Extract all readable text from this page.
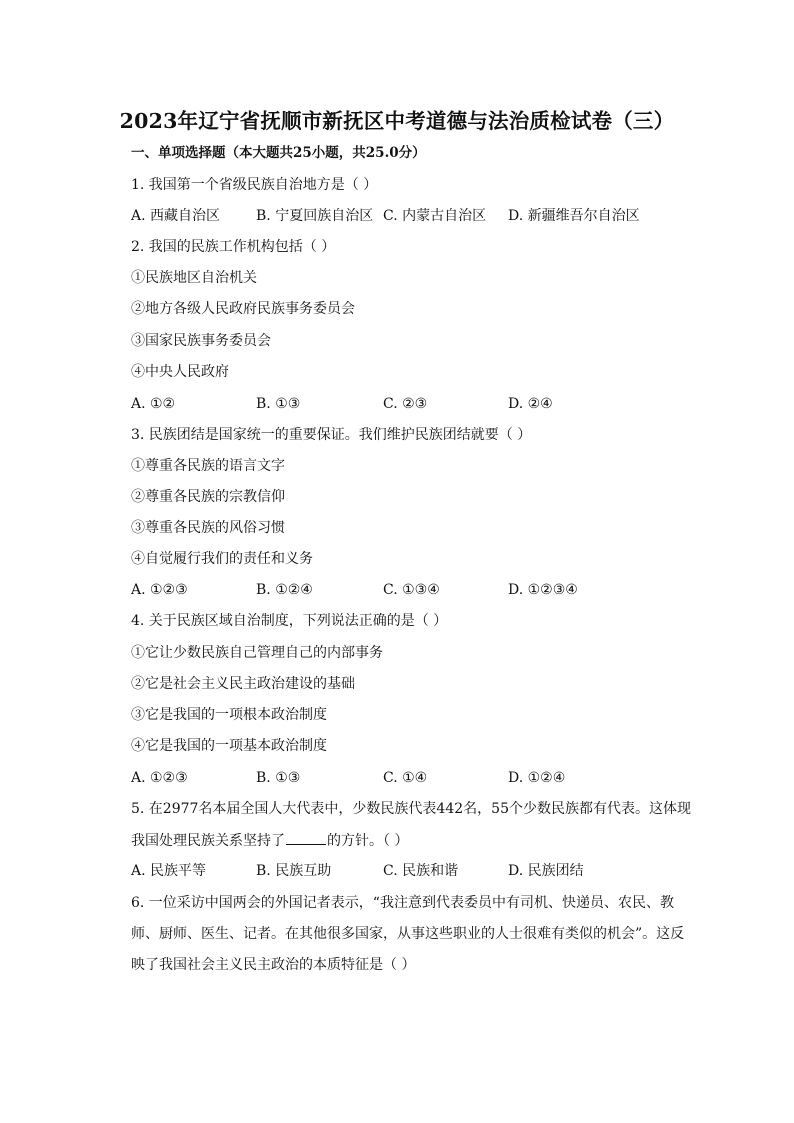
2023年辽宁省抚顺市新抚区中考道德与法治质检试卷（三）
一、单项选择题（本大题共25小题，共25.0分）
1. 我国第一个省级民族自治地方是（ ）
A. 西藏自治区	B. 宁夏回族自治区 C. 内蒙古自治区 D. 新疆维吾尔自治区
2. 我国的民族工作机构包括（ ）
①民族地区自治机关
②地方各级人民政府民族事务委员会
③国家民族事务委员会
④中央人民政府
A. ①②	B. ①③	C. ②③	D. ②④
3. 民族团结是国家统一的重要保证。我们维护民族团结就要（ ）
①尊重各民族的语言文字
②尊重各民族的宗教信仰
③尊重各民族的风俗习惯
④自觉履行我们的责任和义务
A. ①②③	B. ①②④	C. ①③④	D. ①②③④
4. 关于民族区域自治制度，下列说法正确的是（ ）
①它让少数民族自己管理自己的内部事务
②它是社会主义民主政治建设的基础
③它是我国的一项根本政治制度
④它是我国的一项基本政治制度
A. ①②③	B. ①③	C. ①④	D. ①②④
5. 在2977名本届全国人大代表中，少数民族代表442名，55个少数民族都有代表。这体现
我国处理民族关系坚持了	的方针。（ ）
A. 民族平等	B. 民族互助	C. 民族和谐	D. 民族团结
6. 一位采访中国两会的外国记者表示，“我注意到代表委员中有司机、快递员、农民、教
师、厨师、医生、记者。在其他很多国家，从事这些职业的人士很难有类似的机会”。这反
映了我国社会主义民主政治的本质特征是（ ）
